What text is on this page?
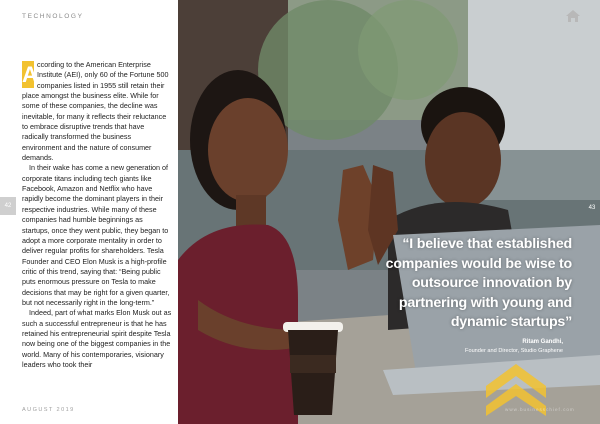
TECHNOLOGY
42

A ccording to the American Enterprise Institute (AEI), only 60 of the Fortune 500 companies listed in 1955 still retain their place amongst the business elite. While for some of these companies, the decline was inevitable, for many it reflects their reluctance to embrace disruptive trends that have radically transformed the business environment and the nature of consumer demands.

In their wake has come a new generation of corporate titans including tech giants like Facebook, Amazon and Netflix who have rapidly become the dominant players in their respective industries. While many of these companies had humble beginnings as startups, once they went public, they began to adopt a more corporate mentality in order to deliver regular profits for shareholders. Tesla Founder and CEO Elon Musk is a high-profile critic of this trend, saying that: “Being public puts enormous pressure on Tesla to make decisions that may be right for a given quarter, but not necessarily right in the long-term.”

Indeed, part of what marks Elon Musk out as such a successful entrepreneur is that he has retained his entrepreneurial spirit despite Tesla now being one of the biggest companies in the world. Many of his contemporaries, visionary leaders who took their

AUGUST 2019
43
“I believe that established companies would be wise to outsource innovation by partnering with young and dynamic startups”
Ritam Gandhi,
Founder and Director, Studio Graphene
www.businesschief.com
